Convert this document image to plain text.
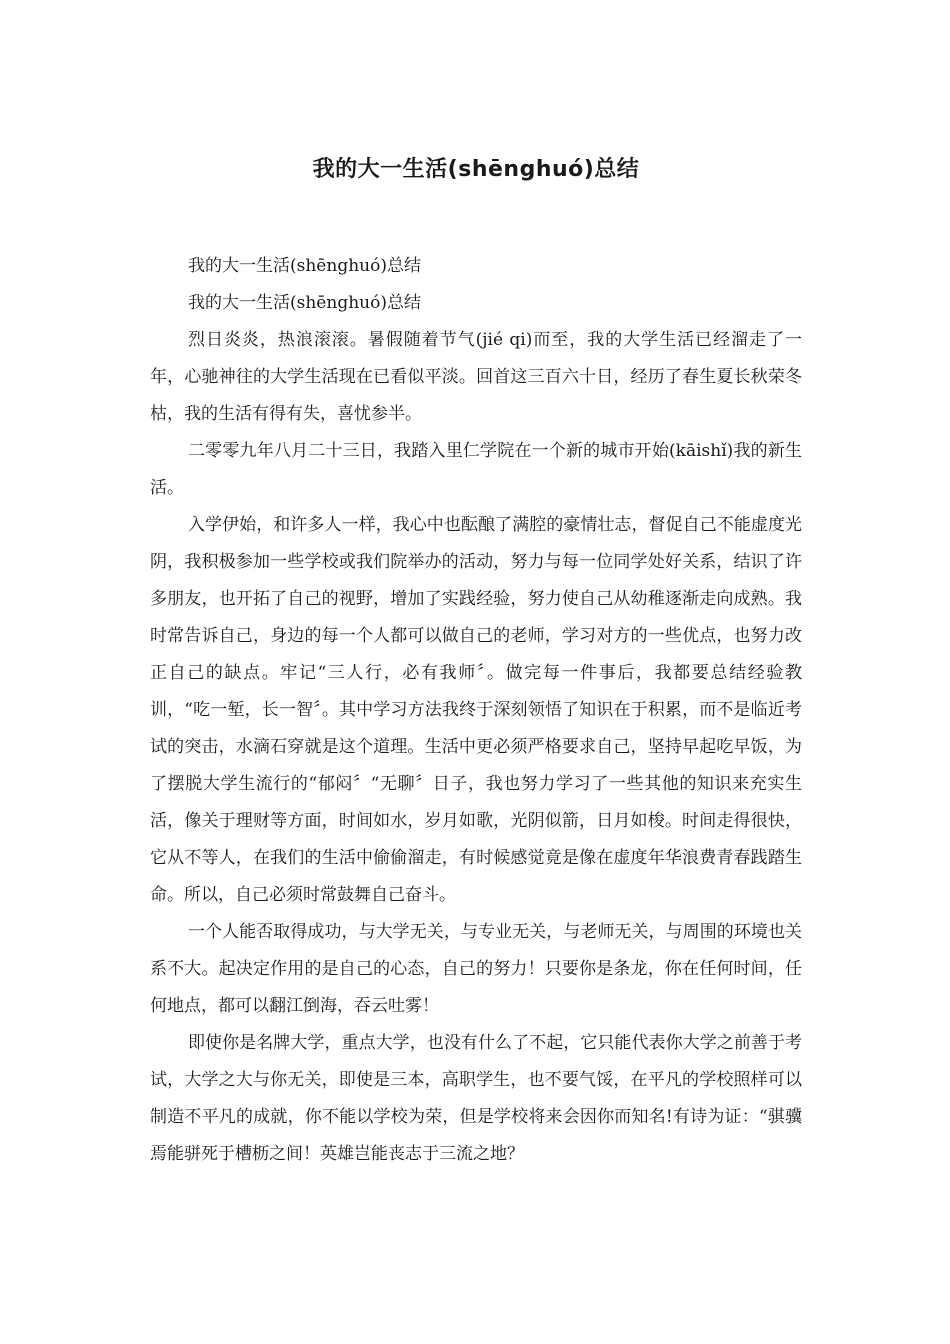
我的大一生活(shēnghuó)总结

我的大一生活(shēnghuó)总结

我的大一生活(shēnghuó)总结

烈日炎炎，热浪滚滚。暑假随着节气(jié qi)而至，我的大学生活已经溜走了一年，心驰神往的大学生活现在已看似平淡。回首这三百六十日，经历了春生夏长秋荣冬枯，我的生活有得有失，喜忧参半。

二零零九年八月二十三日，我踏入里仁学院在一个新的城市开始(kāishǐ)我的新生活。

入学伊始，和许多人一样，我心中也酝酿了满腔的豪情壮志，督促自己不能虚度光阴，我积极参加一些学校或我们院举办的活动，努力与每一位同学处好关系，结识了许多朋友，也开拓了自己的视野，增加了实践经验，努力使自己从幼稚逐渐走向成熟。我时常告诉自己，身边的每一个人都可以做自己的老师，学习对方的一些优点，也努力改正自己的缺点。牢记“三人行，必有我师〞。做完每一件事后，我都要总结经验教训，“吃一堑，长一智〞。其中学习方法我终于深刻领悟了知识在于积累，而不是临近考试的突击，水滴石穿就是这个道理。生活中更必须严格要求自己，坚持早起吃早饭，为了摆脱大学生流行的“郁闷〞“无聊〞日子，我也努力学习了一些其他的知识来充实生活，像关于理财等方面，时间如水，岁月如歌，光阴似箭，日月如梭。时间走得很快，它从不等人，在我们的生活中偷偷溜走，有时候感觉竟是像在虚度年华浪费青春践踏生命。所以，自己必须时常鼓舞自己奋斗。

一个人能否取得成功，与大学无关，与专业无关，与老师无关，与周围的环境也关系不大。起决定作用的是自己的心态，自己的努力！只要你是条龙，你在任何时间，任何地点，都可以翻江倒海，吞云吐雾！

即使你是名牌大学，重点大学，也没有什么了不起，它只能代表你大学之前善于考试，大学之大与你无关，即使是三本，高职学生，也不要气馁，在平凡的学校照样可以制造不平凡的成就，你不能以学校为荣，但是学校将来会因你而知名!有诗为证：“骐骥焉能骈死于槽枥之间！英雄岂能丧志于三流之地？
